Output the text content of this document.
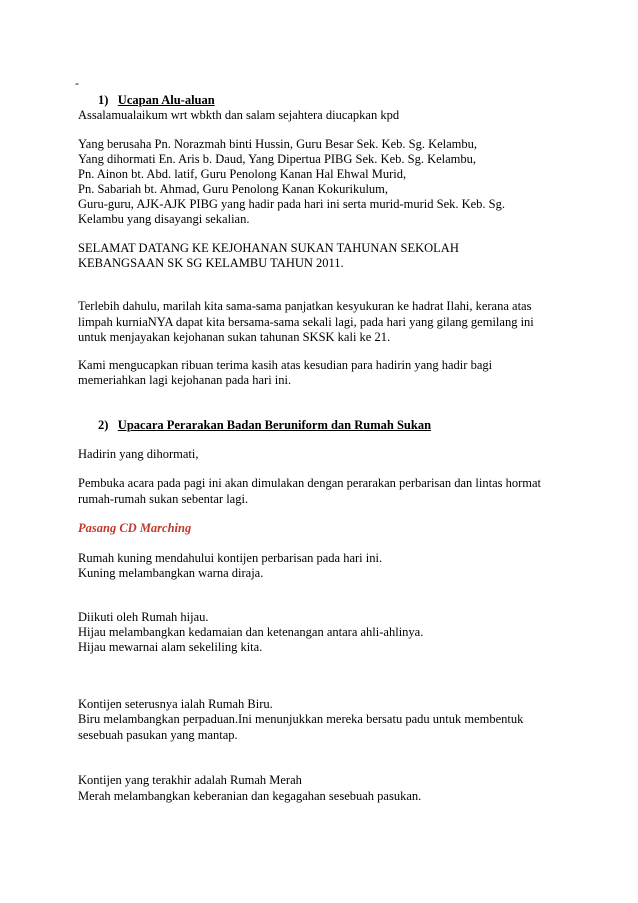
-
1) Ucapan Alu-aluan
Assalamualaikum wrt wbkth dan salam sejahtera diucapkan kpd
Yang berusaha Pn. Norazmah binti Hussin, Guru Besar Sek. Keb. Sg. Kelambu,
Yang dihormati En. Aris b. Daud, Yang Dipertua PIBG Sek. Keb. Sg. Kelambu,
Pn. Ainon bt. Abd. latif, Guru Penolong Kanan Hal Ehwal Murid,
Pn. Sabariah bt. Ahmad, Guru Penolong Kanan Kokurikulum,
Guru-guru, AJK-AJK PIBG yang hadir pada hari ini serta murid-murid Sek. Keb. Sg.
Kelambu yang disayangi sekalian.
SELAMAT DATANG KE KEJOHANAN SUKAN TAHUNAN SEKOLAH
KEBANGSAAN SK SG KELAMBU TAHUN 2011.
Terlebih dahulu, marilah kita sama-sama panjatkan kesyukuran ke hadrat Ilahi, kerana atas
limpah kurniaNYA dapat kita bersama-sama sekali lagi, pada hari yang gilang gemilang ini
untuk menjayakan kejohanan sukan tahunan SKSK kali ke 21.
Kami mengucapkan ribuan terima kasih atas kesudian para hadirin yang hadir bagi
memeriahkan lagi kejohanan pada hari ini.
2) Upacara Perarakan Badan Beruniform dan Rumah Sukan
Hadirin yang dihormati,
Pembuka acara pada pagi ini akan dimulakan dengan perarakan perbarisan dan lintas hormat
rumah-rumah sukan sebentar lagi.
Pasang CD Marching
Rumah kuning mendahului kontijen perbarisan pada hari ini.
Kuning melambangkan warna diraja.
Diikuti oleh Rumah hijau.
Hijau melambangkan kedamaian dan ketenangan antara ahli-ahlinya.
Hijau mewarnai alam sekeliling kita.
Kontijen seterusnya ialah Rumah Biru.
Biru melambangkan perpaduan.Ini menunjukkan mereka bersatu padu untuk membentuk
sesebuah pasukan yang mantap.
Kontijen yang terakhir adalah Rumah Merah
Merah melambangkan keberanian dan kegagahan sesebuah pasukan.
